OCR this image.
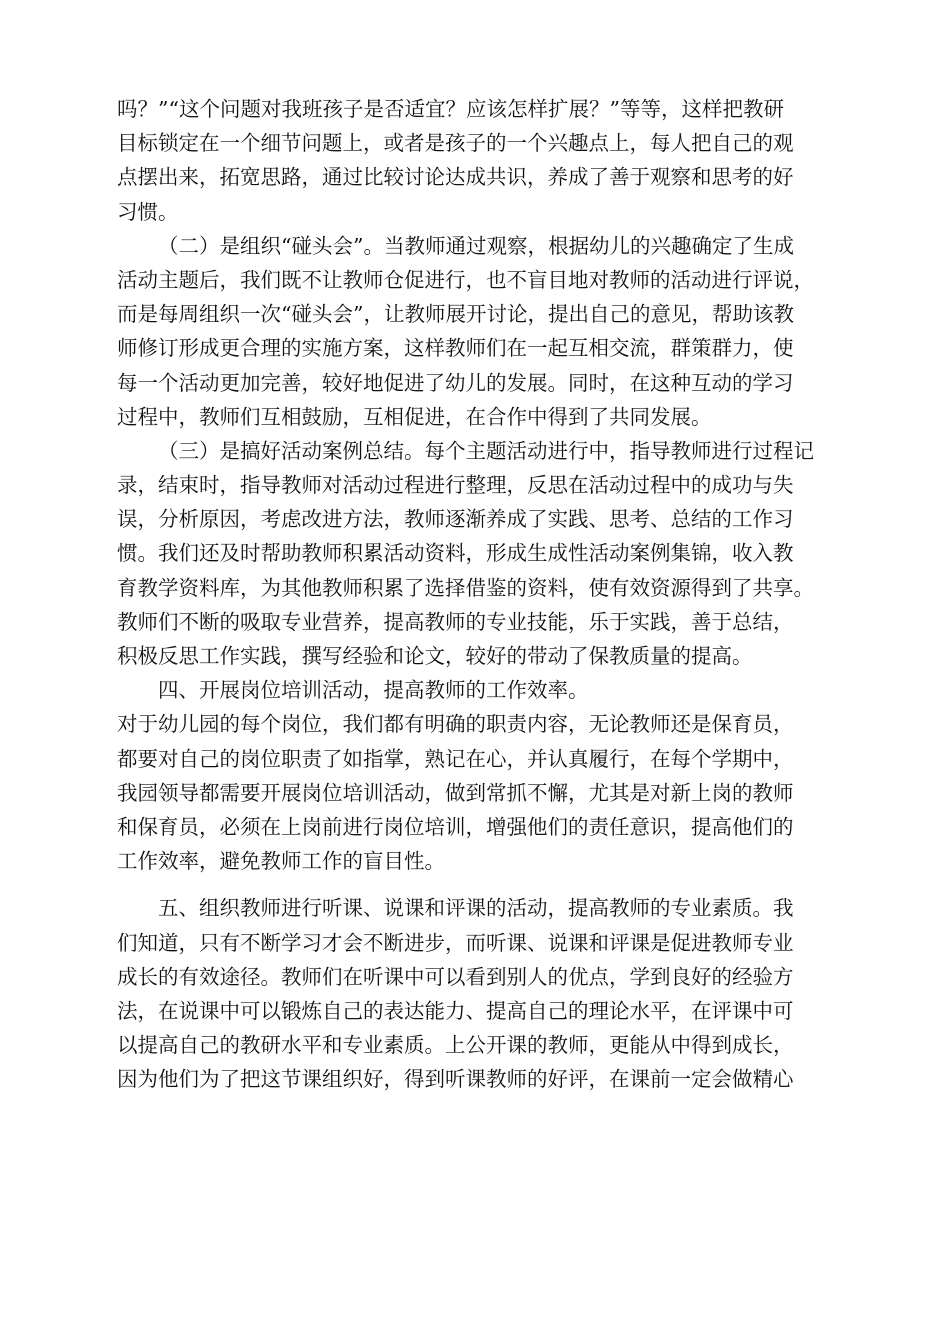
吗？”“这个问题对我班孩子是否适宜？应该怎样扩展？”等等，这样把教研
目标锁定在一个细节问题上，或者是孩子的一个兴趣点上，每人把自己的观
点摆出来，拓宽思路，通过比较讨论达成共识，养成了善于观察和思考的好
习惯。
（二）是组织“碰头会”。当教师通过观察，根据幼儿的兴趣确定了生成
活动主题后，我们既不让教师仓促进行，也不盲目地对教师的活动进行评说，
而是每周组织一次“碰头会”，让教师展开讨论，提出自己的意见，帮助该教
师修订形成更合理的实施方案，这样教师们在一起互相交流，群策群力，使
每一个活动更加完善，较好地促进了幼儿的发展。同时，在这种互动的学习
过程中，教师们互相鼓励，互相促进，在合作中得到了共同发展。
（三）是搞好活动案例总结。每个主题活动进行中，指导教师进行过程记
录，结束时，指导教师对活动过程进行整理，反思在活动过程中的成功与失
误，分析原因，考虑改进方法，教师逐渐养成了实践、思考、总结的工作习
惯。我们还及时帮助教师积累活动资料，形成生成性活动案例集锦，收入教
育教学资料库，为其他教师积累了选择借鉴的资料，使有效资源得到了共享。
教师们不断的吸取专业营养，提高教师的专业技能，乐于实践，善于总结，
积极反思工作实践，撰写经验和论文，较好的带动了保教质量的提高。
四、开展岗位培训活动，提高教师的工作效率。
对于幼儿园的每个岗位，我们都有明确的职责内容，无论教师还是保育员，
都要对自己的岗位职责了如指掌，熟记在心，并认真履行，在每个学期中，
我园领导都需要开展岗位培训活动，做到常抓不懈，尤其是对新上岗的教师
和保育员，必须在上岗前进行岗位培训，增强他们的责任意识，提高他们的
工作效率，避免教师工作的盲目性。
五、组织教师进行听课、说课和评课的活动，提高教师的专业素质。我
们知道，只有不断学习才会不断进步，而听课、说课和评课是促进教师专业
成长的有效途径。教师们在听课中可以看到别人的优点，学到良好的经验方
法，在说课中可以锻炼自己的表达能力、提高自己的理论水平，在评课中可
以提高自己的教研水平和专业素质。上公开课的教师，更能从中得到成长，
因为他们为了把这节课组织好，得到听课教师的好评，在课前一定会做精心
